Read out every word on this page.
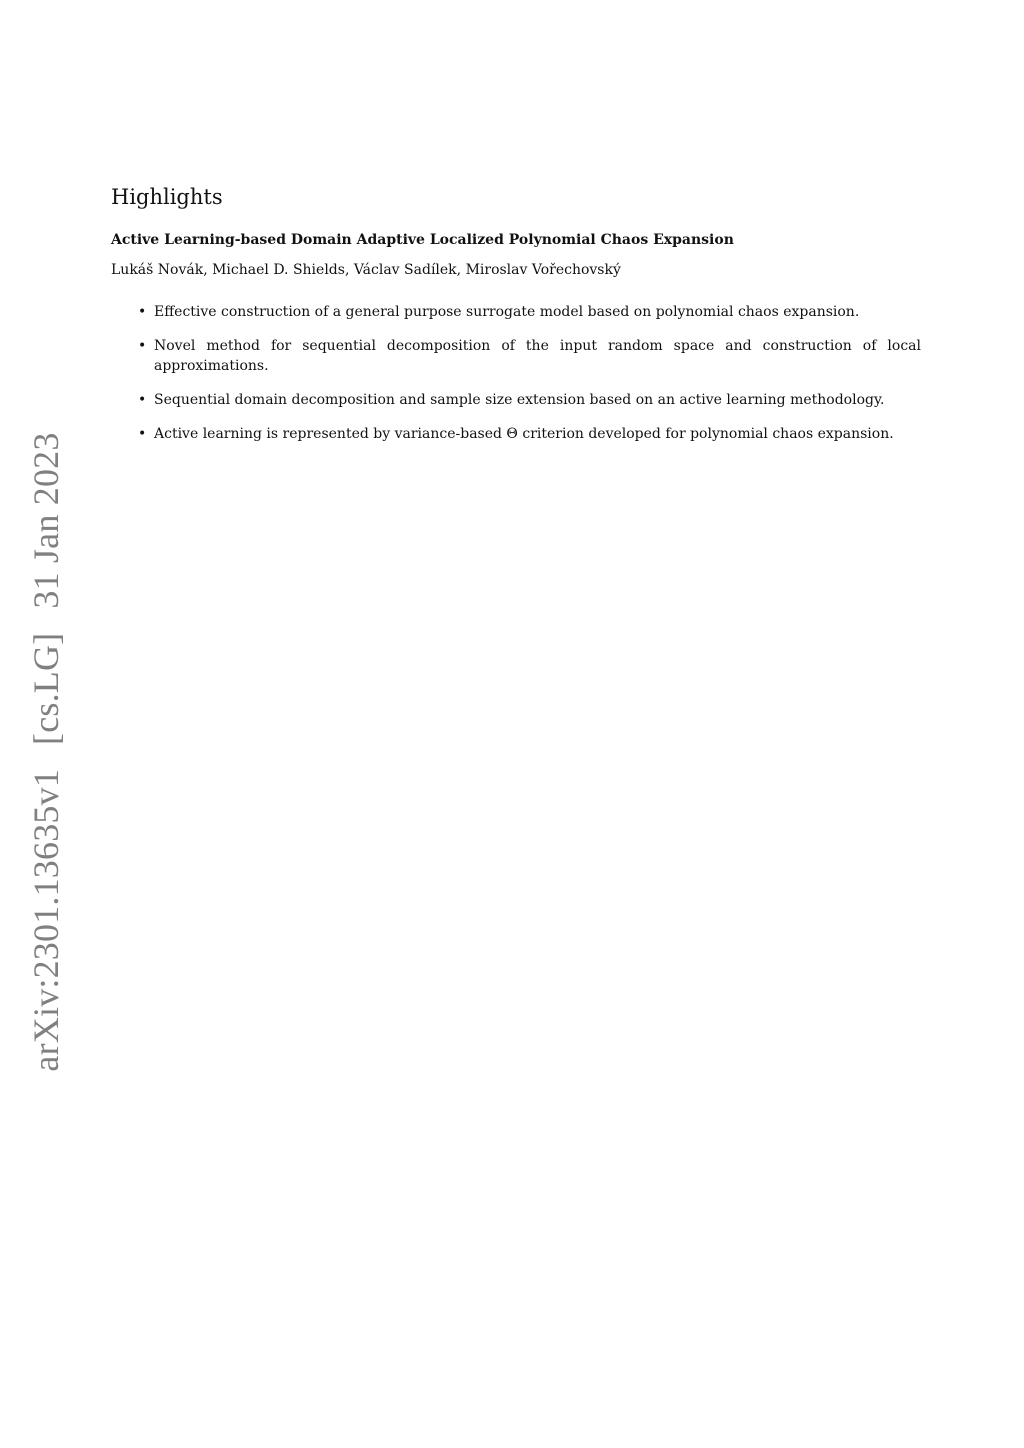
arXiv:2301.13635v1[cs.LG]31 Jan 2023
Highlights
Active Learning-based Domain Adaptive Localized Polynomial Chaos Expansion
Lukáš Novák, Michael D. Shields, Václav Sadílek, Miroslav Vořechovský
• Effective construction of a general purpose surrogate model based on polynomial chaos expansion.
• Novel method for sequential decomposition of the input random space and construction of local approximations.
• Sequential domain decomposition and sample size extension based on an active learning methodology.
• Active learning is represented by variance-based Θ criterion developed for polynomial chaos expansion.
